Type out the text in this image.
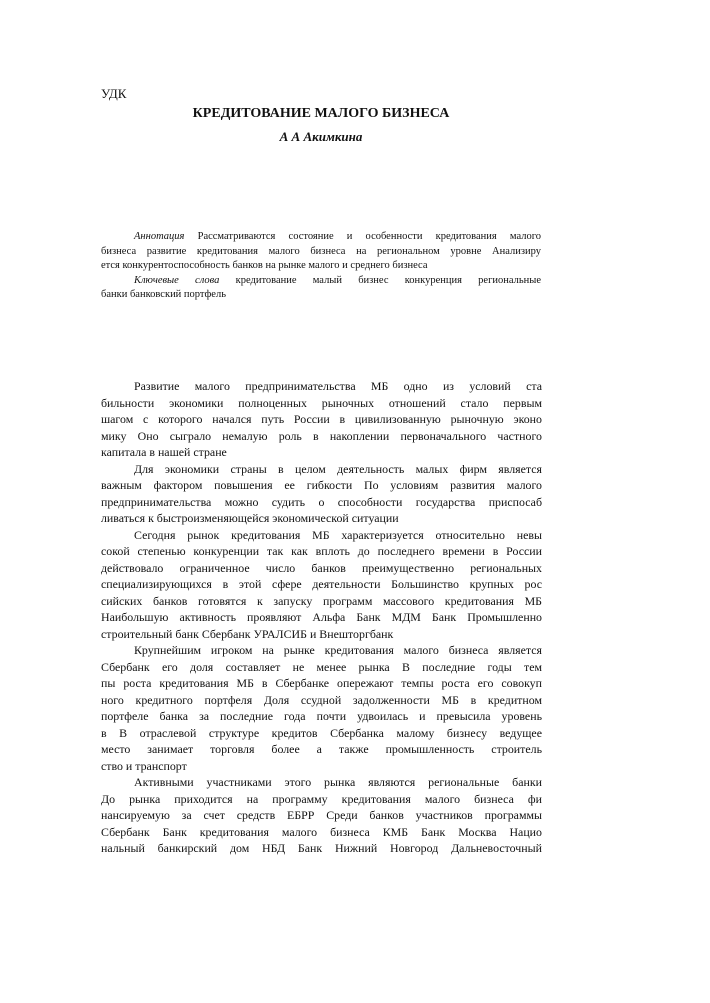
УДК
КРЕДИТОВАНИЕ МАЛОГО БИЗНЕСА
А А Акимкина
Аннотация Рассматриваются состояние и особенности кредитования малого
бизнеса развитие кредитования малого бизнеса на региональном уровне Анализиру
ется конкурентоспособность банков на рынке малого и среднего бизнеса
Ключевые слова кредитование малый бизнес конкуренция региональные
банки банковский портфель
Развитие малого предпринимательства МБ одно из условий ста
бильности экономики полноценных рыночных отношений стало первым
шагом с которого начался путь России в цивилизованную рыночную эконо
мику Оно сыграло немалую роль в накоплении первоначального частного
капитала в нашей стране
Для экономики страны в целом деятельность малых фирм является
важным фактором повышения ее гибкости По условиям развития малого
предпринимательства можно судить о способности государства приспосаб
ливаться к быстроизменяющейся экономической ситуации
Сегодня рынок кредитования МБ характеризуется относительно невы
сокой степенью конкуренции так как вплоть до последнего времени в России
действовало ограниченное число банков преимущественно региональных
специализирующихся в этой сфере деятельности Большинство крупных рос
сийских банков готовятся к запуску программ массового кредитования МБ
Наибольшую активность проявляют Альфа Банк МДМ Банк Промышленно
строительный банк Сбербанк УРАЛСИБ и Внешторгбанк
Крупнейшим игроком на рынке кредитования малого бизнеса является
Сбербанк его доля составляет не менее рынка В последние годы тем
пы роста кредитования МБ в Сбербанке опережают темпы роста его совокуп
ного кредитного портфеля Доля ссудной задолженности МБ в кредитном
портфеле банка за последние года почти удвоилась и превысила уровень
в В отраслевой структуре кредитов Сбербанка малому бизнесу ведущее
место занимает торговля более а также промышленность строитель
ство и транспорт
Активными участниками этого рынка являются региональные банки
До рынка приходится на программу кредитования малого бизнеса фи
нансируемую за счет средств ЕБРР Среди банков участников программы
Сбербанк Банк кредитования малого бизнеса КМБ Банк Москва Нацио
нальный банкирский дом НБД Банк Нижний Новгород Дальневосточный
